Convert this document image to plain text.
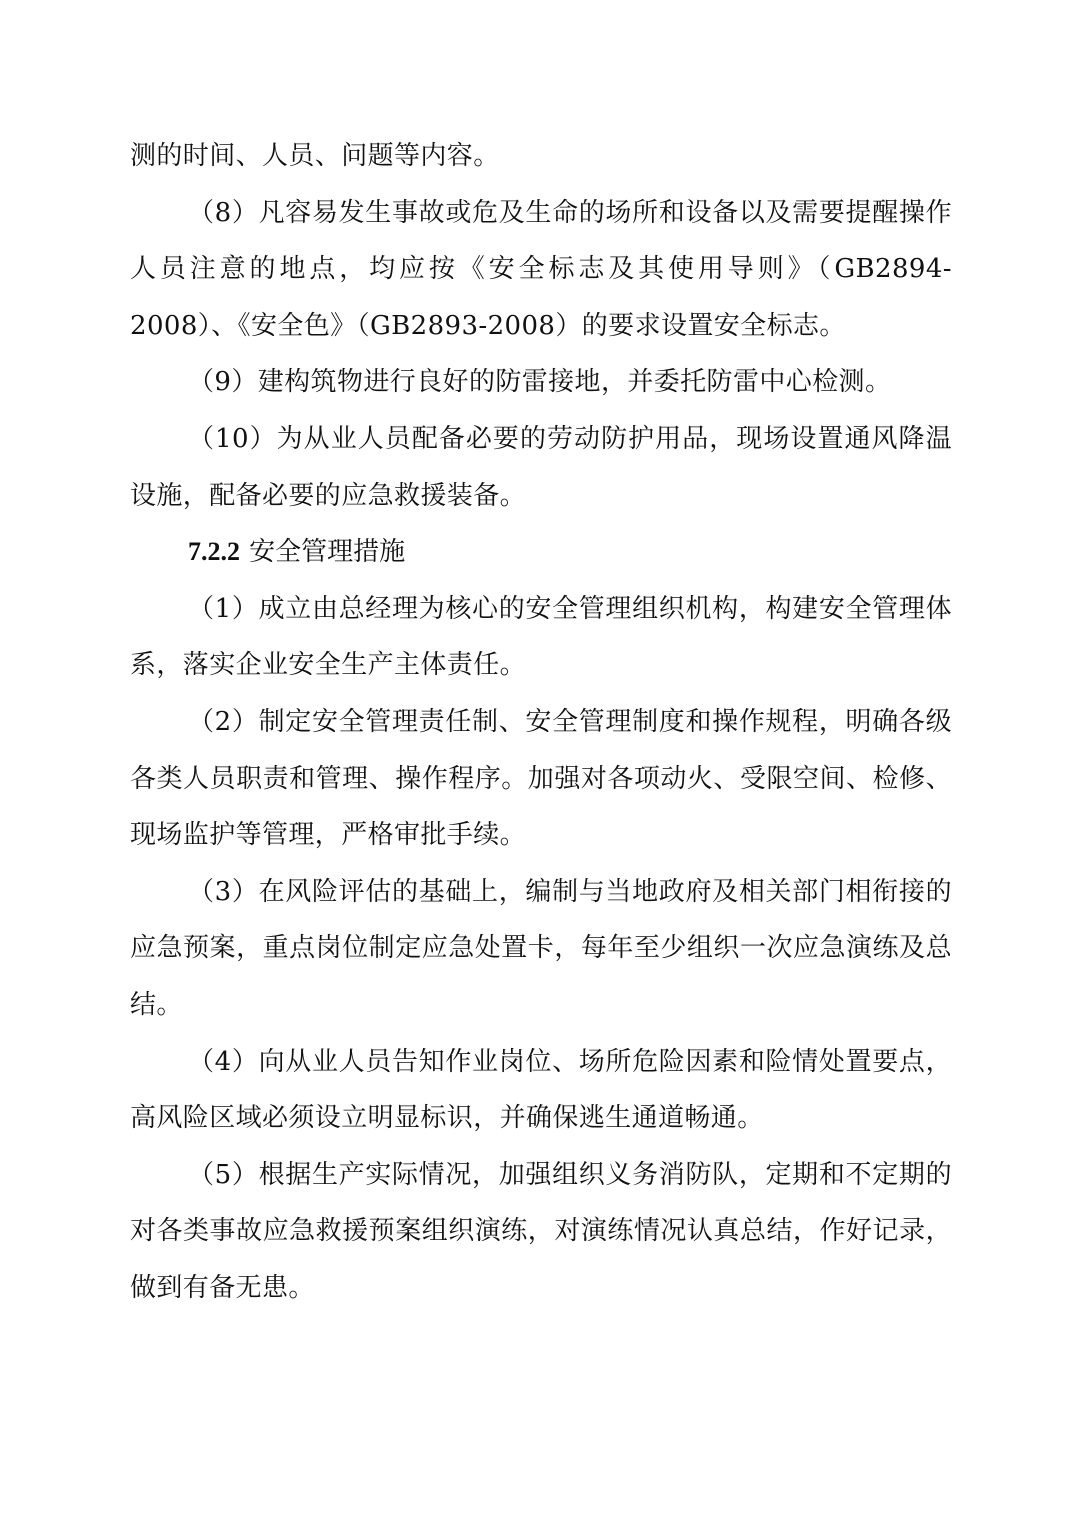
测的时间、人员、问题等内容。

（8）凡容易发生事故或危及生命的场所和设备以及需要提醒操作人员注意的地点，均应按《安全标志及其使用导则》（GB2894-2008）、《安全色》（GB2893-2008）的要求设置安全标志。

（9）建构筑物进行良好的防雷接地，并委托防雷中心检测。

（10）为从业人员配备必要的劳动防护用品，现场设置通风降温设施，配备必要的应急救援装备。

7.2.2 安全管理措施

（1）成立由总经理为核心的安全管理组织机构，构建安全管理体系，落实企业安全生产主体责任。

（2）制定安全管理责任制、安全管理制度和操作规程，明确各级各类人员职责和管理、操作程序。加强对各项动火、受限空间、检修、现场监护等管理，严格审批手续。

（3）在风险评估的基础上，编制与当地政府及相关部门相衔接的应急预案，重点岗位制定应急处置卡，每年至少组织一次应急演练及总结。

（4）向从业人员告知作业岗位、场所危险因素和险情处置要点，高风险区域必须设立明显标识，并确保逃生通道畅通。

（5）根据生产实际情况，加强组织义务消防队，定期和不定期的对各类事故应急救援预案组织演练，对演练情况认真总结，作好记录，做到有备无患。
